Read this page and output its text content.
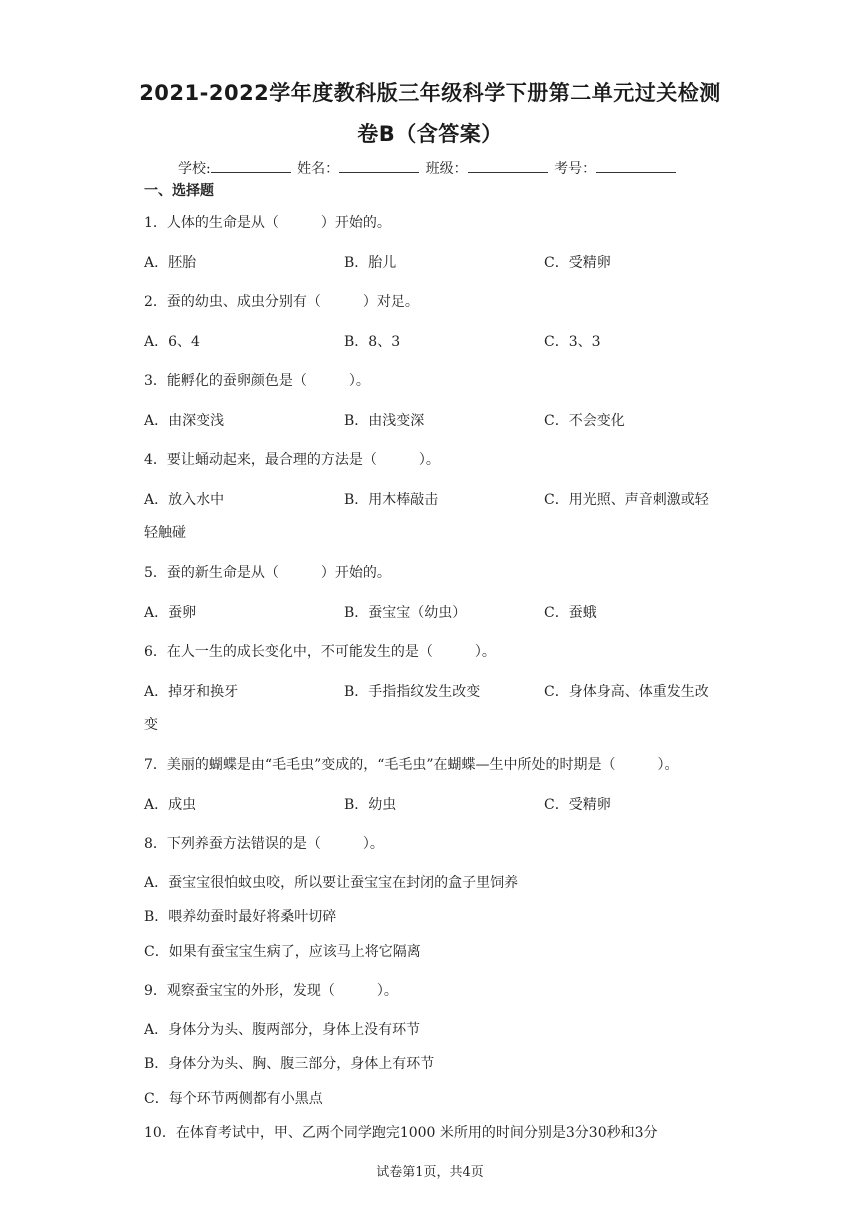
2021-2022学年度教科版三年级科学下册第二单元过关检测
卷B（含答案）
学校:	姓名：	班级：	考号：
一、选择题
1．人体的生命是从（　　　）开始的。
A．胚胎	B．胎儿	C．受精卵
2．蚕的幼虫、成虫分别有（　　　）对足。
A．6、4	B．8、3	C．3、3
3．能孵化的蚕卵颜色是（　　　）。
A．由深变浅	B．由浅变深	C．不会变化
4．要让蛹动起来，最合理的方法是（　　　）。
A．放入水中	B．用木棒敲击	C．用光照、声音刺激或轻
轻触碰
5．蚕的新生命是从（　　　）开始的。
A．蚕卵	B．蚕宝宝（幼虫）	C．蚕蛾
6．在人一生的成长变化中，不可能发生的是（　　　）。
A．掉牙和换牙	B．手指指纹发生改变	C．身体身高、体重发生改
变
7．美丽的蝴蝶是由“毛毛虫”变成的，“毛毛虫”在蝴蝶—生中所处的时期是（　　　）。
A．成虫	B．幼虫	C．受精卵
8．下列养蚕方法错误的是（　　　）。
A．蚕宝宝很怕蚊虫咬，所以要让蚕宝宝在封闭的盒子里饲养
B．喂养幼蚕时最好将桑叶切碎
C．如果有蚕宝宝生病了，应该马上将它隔离
9．观察蚕宝宝的外形，发现（　　　）。
A．身体分为头、腹两部分，身体上没有环节
B．身体分为头、胸、腹三部分，身体上有环节
C．每个环节两侧都有小黑点
10．在体育考试中，甲、乙两个同学跑完1000 米所用的时间分别是3分30秒和3分
试卷第1页，共4页
